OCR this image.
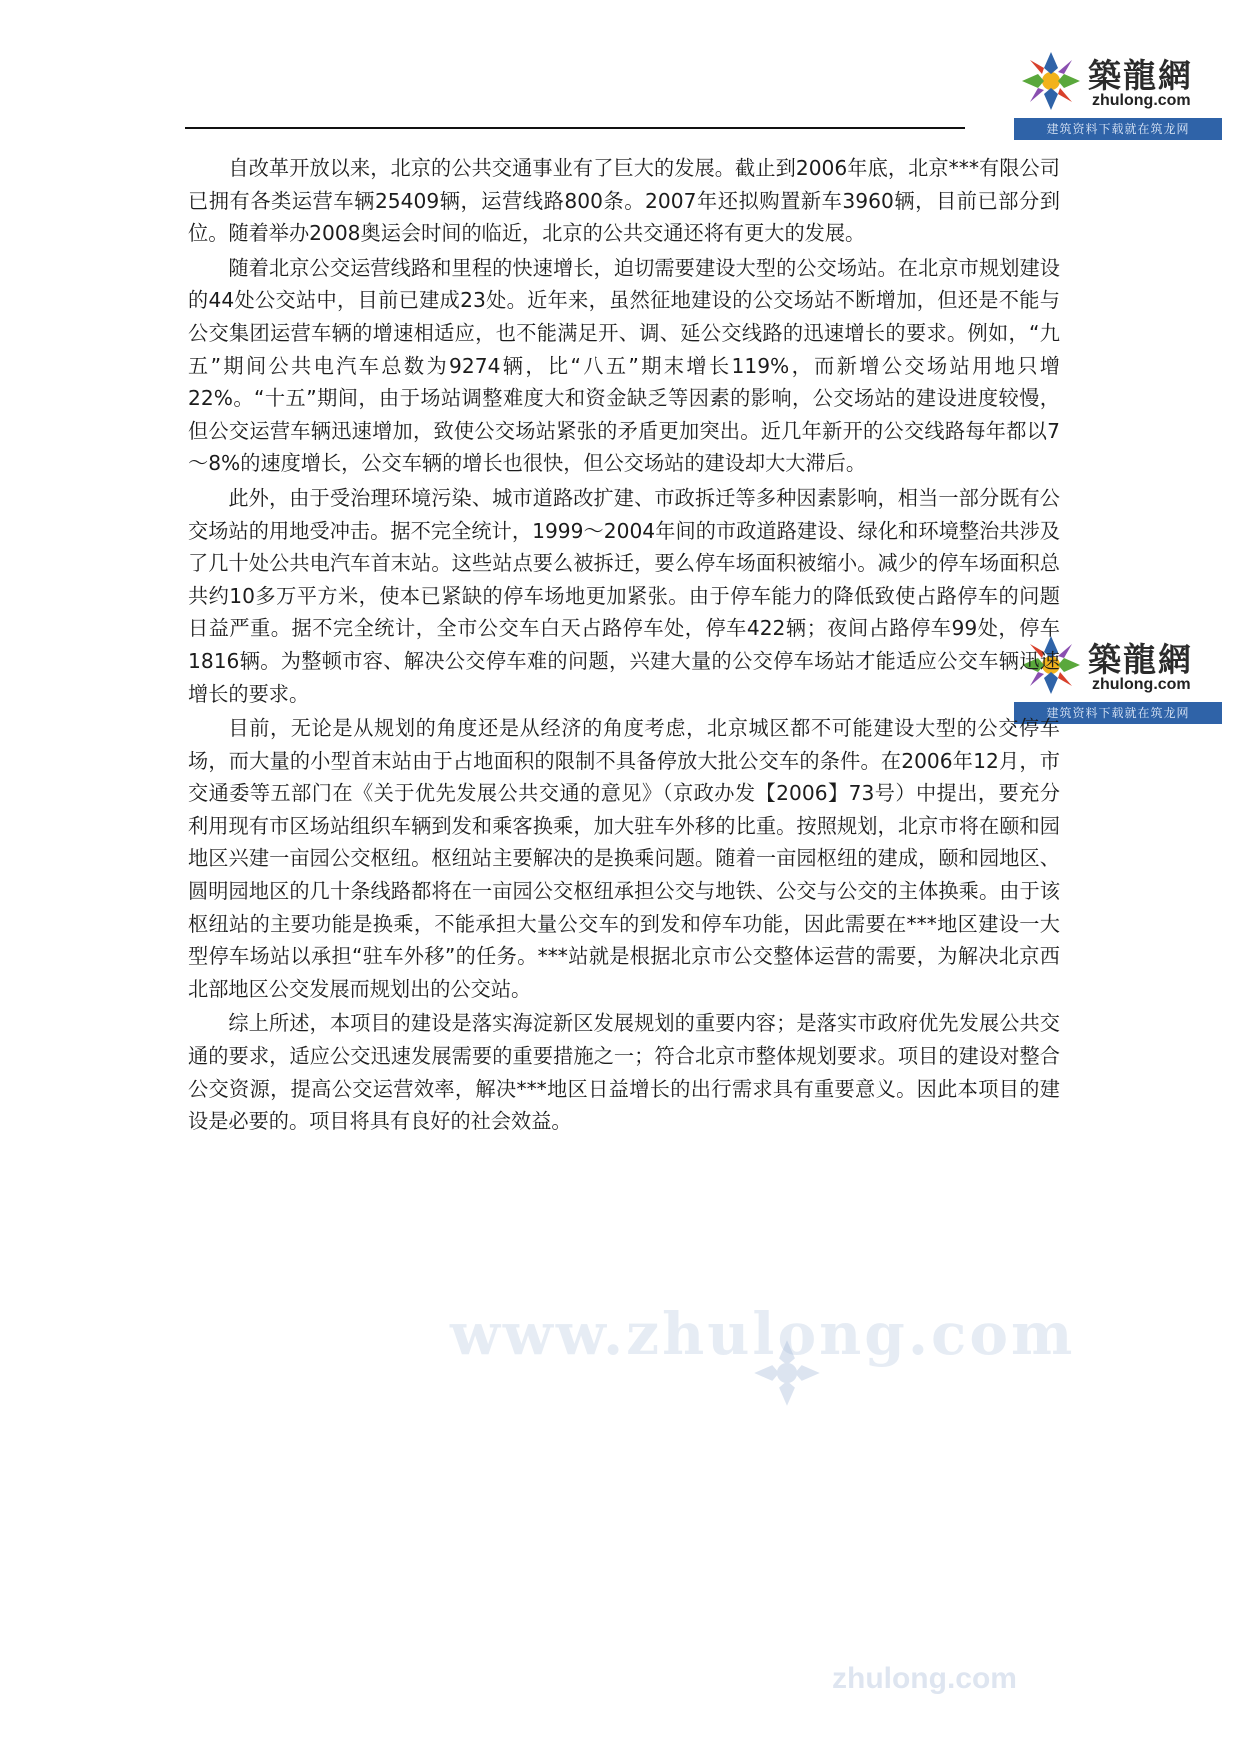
築龍網
zhulong.com
建筑资料下载就在筑龙网
築龍網
zhulong.com
建筑资料下载就在筑龙网

自改革开放以来，北京的公共交通事业有了巨大的发展。截止到2006年底，北京***有限公司已拥有各类运营车辆25409辆，运营线路800条。2007年还拟购置新车3960辆，目前已部分到位。随着举办2008奥运会时间的临近，北京的公共交通还将有更大的发展。

随着北京公交运营线路和里程的快速增长，迫切需要建设大型的公交场站。在北京市规划建设的44处公交站中，目前已建成23处。近年来，虽然征地建设的公交场站不断增加，但还是不能与公交集团运营车辆的增速相适应，也不能满足开、调、延公交线路的迅速增长的要求。例如，“九五”期间公共电汽车总数为9274辆，比“八五”期末增长119%，而新增公交场站用地只增22%。“十五”期间，由于场站调整难度大和资金缺乏等因素的影响，公交场站的建设进度较慢，但公交运营车辆迅速增加，致使公交场站紧张的矛盾更加突出。近几年新开的公交线路每年都以7～8%的速度增长，公交车辆的增长也很快，但公交场站的建设却大大滞后。

此外，由于受治理环境污染、城市道路改扩建、市政拆迁等多种因素影响，相当一部分既有公交场站的用地受冲击。据不完全统计，1999～2004年间的市政道路建设、绿化和环境整治共涉及了几十处公共电汽车首末站。这些站点要么被拆迁，要么停车场面积被缩小。减少的停车场面积总共约10多万平方米，使本已紧缺的停车场地更加紧张。由于停车能力的降低致使占路停车的问题日益严重。据不完全统计，全市公交车白天占路停车处，停车422辆；夜间占路停车99处，停车1816辆。为整顿市容、解决公交停车难的问题，兴建大量的公交停车场站才能适应公交车辆迅速增长的要求。

目前，无论是从规划的角度还是从经济的角度考虑，北京城区都不可能建设大型的公交停车场，而大量的小型首末站由于占地面积的限制不具备停放大批公交车的条件。在2006年12月，市交通委等五部门在《关于优先发展公共交通的意见》（京政办发【2006】73号）中提出，要充分利用现有市区场站组织车辆到发和乘客换乘，加大驻车外移的比重。按照规划，北京市将在颐和园地区兴建一亩园公交枢纽。枢纽站主要解决的是换乘问题。随着一亩园枢纽的建成，颐和园地区、圆明园地区的几十条线路都将在一亩园公交枢纽承担公交与地铁、公交与公交的主体换乘。由于该枢纽站的主要功能是换乘，不能承担大量公交车的到发和停车功能，因此需要在***地区建设一大型停车场站以承担“驻车外移”的任务。***站就是根据北京市公交整体运营的需要，为解决北京西北部地区公交发展而规划出的公交站。

综上所述，本项目的建设是落实海淀新区发展规划的重要内容；是落实市政府优先发展公共交通的要求，适应公交迅速发展需要的重要措施之一；符合北京市整体规划要求。项目的建设对整合公交资源，提高公交运营效率，解决***地区日益增长的出行需求具有重要意义。因此本项目的建设是必要的。项目将具有良好的社会效益。

www.zhulong.com
zhulong.com
